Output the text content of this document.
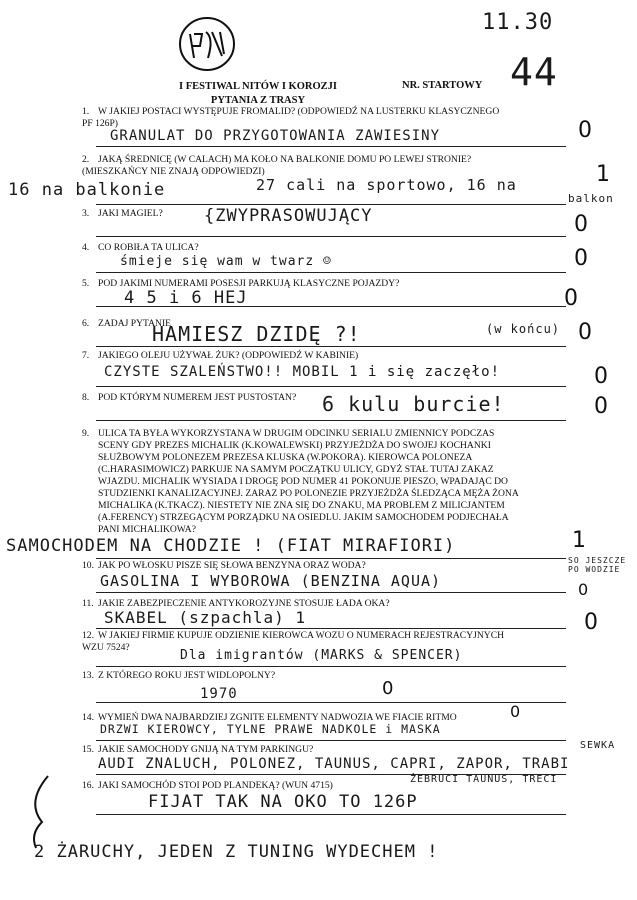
11.30
I FESTIWAL NITÓW I KOROZJI
PYTANIA Z TRASY
NR. STARTOWY 44
1. W JAKIEJ POSTACI WYSTĘPUJE FROMALID? (ODPOWIEDŹ NA LUSTERKU KLASYCZNEGO PF 126P)
GRANULAT DO PRZYGOTOWANIA ZAWIESINY	0
2. JAKĄ ŚREDNICĘ (W CALACH) MA KOŁO NA BALKONIE DOMU PO LEWEJ STRONIE? (MIESZKAŃCY NIE ZNAJĄ ODPOWIEDZI)
16 na balkonie	27 cali na sportowo, 16 na
balkon
1
3. JAKI MAGIEL?	{ZWYPRASOWUJĄCY	0
4. CO ROBIŁA TA ULICA?
śmieje się wam w twarz ☺	0
5. POD JAKIMI NUMERAMI POSESJI PARKUJĄ KLASYCZNE POJAZDY?
4 5 i 6 HEJ	0
6. ZADAJ PYTANIE
HAMIESZ DZIDĘ ?!	(w końcu) 0
7. JAKIEGO OLEJU UŻYWAŁ ŻUK? (ODPOWIEDŹ W KABINIE)
CZYSTE SZALEŃSTWO!! MOBIL 1 i się zaczęło!	0
8. POD KTÓRYM NUMEREM JEST PUSTOSTAN?	6 kulu burcie!	0
9. ULICA TA BYŁA WYKORZYSTANA W DRUGIM ODCINKU SERIALU ZMIENNICY PODCZAS SCENY GDY PREZES MICHALIK (K.KOWALEWSKI) PRZYJEŻDŻA DO SWOJEJ KOCHANKI SŁUŻBOWYM POLONEZEM PREZESA KLUSKA (W.POKORA). KIEROWCA POLONEZA (C.HARASIMOWICZ) PARKUJE NA SAMYM POCZĄTKU ULICY, GDYŻ STAŁ TUTAJ ZAKAZ WJAZDU. MICHALIK WYSIADA I DROGĘ POD NUMER 41 POKONUJE PIESZO, WPADAJĄC DO STUDZIENKI KANALIZACYJNEJ. ZARAZ PO POLONEZIE PRZYJEŻDŻA ŚLEDZĄCA MĘŻA ŻONA MICHALIKA (K.TKACZ). NIESTETY NIE ZNA SIĘ DO ZNAKU, MA PROBLEM Z MILICJANTEM (A.FERENCY) STRZEGĄCYM PORZĄDKU NA OSIEDLU. JAKIM SAMOCHODEM PODJECHAŁA PANI MICHALIKOWA?
SAMOCHODEM NA CHODZIE ! (FIAT MIRAFIORI)	1
10. JAK PO WŁOSKU PISZE SIĘ SŁOWA BENZYNA ORAZ WODA?
GASOLINA I WYBOROWA (BENZINA AQUA)
SO JESZCZE PO WODZIE
0
11. JAKIE ZABEZPIECZENIE ANTYKOROZYJNE STOSUJE ŁADA OKA?
SKABEL (szpachla) 1	0
12. W JAKIEJ FIRMIE KUPUJE ODZIENIE KIEROWCA WOZU O NUMERACH REJESTRACYJNYCH WZU 7524?
Dla imigrantów (MARKS & SPENCER)
13. Z KTÓREGO ROKU JEST WIDLOPOLNY?
1970	0
14. WYMIEŃ DWA NAJBARDZIEJ ZGNITE ELEMENTY NADWOZIA WE FIACIE RITMO
DRZWI KIEROWCY, TYLNE PRAWE NADKOLE i MASKA
0
15. JAKIE SAMOCHODY GNIJĄ NA TYM PARKINGU?
AUDI ZNALUCH, POLONEZ, TAUNUS, CAPRI, ZAPOR, TRABI
SEWKA
ŻEBRUCI TAUNUS, TRECI
16. JAKI SAMOCHÓD STOI POD PLANDEKĄ? (WUN 4715)
FIJAT TAK NA OKO TO 126P
2 ŻARUCHY, JEDEN Z TUNING WYDECHEM !
